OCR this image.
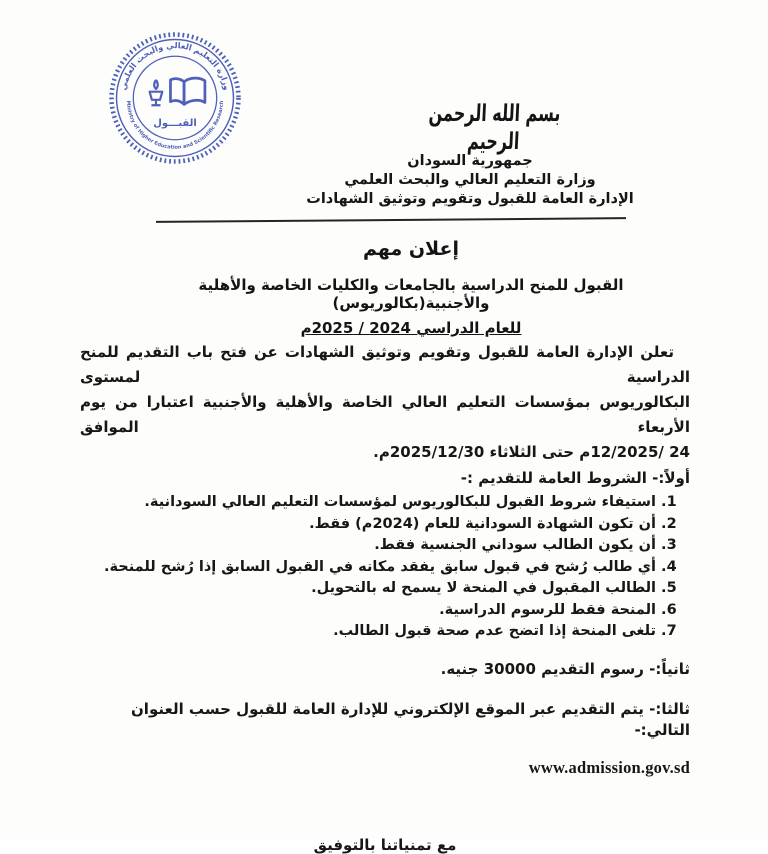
وزارة التعليم العالي والبحث العلمي
Ministry of Higher Education and Scientific Research
القبـــول	بسم الله الرحمن الرحيم
جمهورية السودان
وزارة التعليم العالي والبحث العلمي
الإدارة العامة للقبول وتقويم وتوثيق الشهادات
إعلان مهم
القبول للمنح الدراسية بالجامعات والكليات الخاصة والأهلية والأجنبية(بكالوريوس)
للعام الدراسي 2024 / 2025م
تعلن الإدارة العامة للقبول وتقويم وتوثيق الشهادات عن فتح باب التقديم للمنح الدراسية لمستوى
البكالوريوس بمؤسسات التعليم العالي الخاصة والأهلية والأجنبية اعتبارا من يوم الأربعاء الموافق
24 /12/2025م حتى الثلاثاء 2025/12/30م.
أولاً:- الشروط العامة للتقديم :-
1. استيفاء شروط القبول للبكالوريوس لمؤسسات التعليم العالي السودانية.
2. أن تكون الشهادة السودانية للعام (2024م) فقط.
3. أن يكون الطالب سوداني الجنسية فقط.
4. أي طالب رُشح في قبول سابق يفقد مكانه في القبول السابق إذا رُشح للمنحة.
5. الطالب المقبول في المنحة لا يسمح له بالتحويل.
6. المنحة فقط للرسوم الدراسية.
7. تلغى المنحة إذا اتضح عدم صحة قبول الطالب.
ثانياً:- رسوم التقديم 30000 جنيه.
ثالثا:- يتم التقديم عبر الموقع الإلكتروني للإدارة العامة للقبول حسب العنوان التالي:-
www.admission.gov.sd
مع تمنياتنا بالتوفيق
